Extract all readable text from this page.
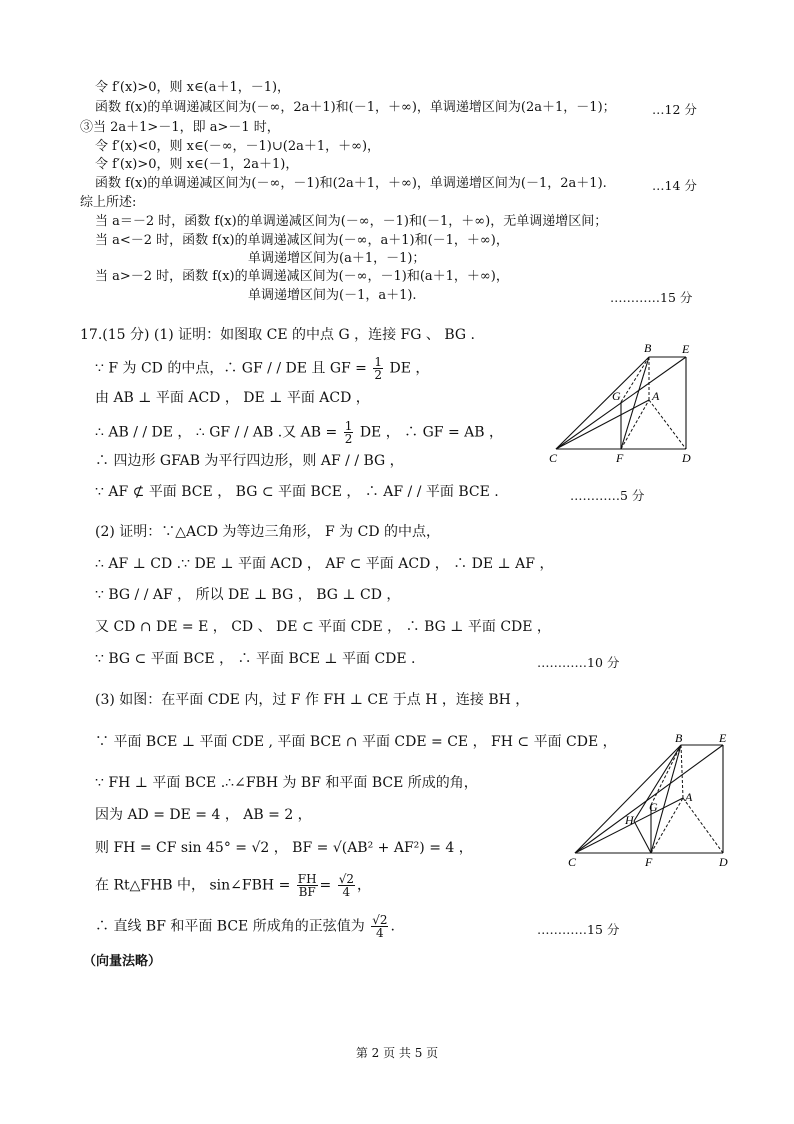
令 f′(x)>0，则 x∈(a＋1，－1)，
函数 f(x)的单调递减区间为(－∞，2a＋1)和(－1，＋∞)，单调递增区间为(2a＋1，－1)；	…12 分
③当 2a＋1>－1，即 a>－1 时，
令 f′(x)<0，则 x∈(－∞，－1)∪(2a＋1，＋∞)，
令 f′(x)>0，则 x∈(－1，2a＋1)，
函数 f(x)的单调递减区间为(－∞，－1)和(2a＋1，＋∞)，单调递增区间为(－1，2a＋1).	…14 分
综上所述:
当 a＝－2 时，函数 f(x)的单调递减区间为(－∞，－1)和(－1，＋∞)，无单调递增区间；
当 a<－2 时，函数 f(x)的单调递减区间为(－∞，a＋1)和(－1，＋∞)，
单调递增区间为(a＋1，－1)；
当 a>－2 时，函数 f(x)的单调递减区间为(－∞，－1)和(a＋1，＋∞)，
单调递增区间为(－1，a＋1).	…………15 分
17.(15 分) (1) 证明：如图取 CE 的中点 G ，连接 FG 、 BG .
∵ F 为 CD 的中点，∴ GF / / DE 且 GF = $\frac{1}{2}$ DE ，
由 AB ⊥ 平面 ACD ， DE ⊥ 平面 ACD ，
∴ AB / / DE ， ∴ GF / / AB .又 AB = $\frac{1}{2}$ DE ， ∴ GF = AB ，
∴ 四边形 GFAB 为平行四边形，则 AF / / BG ，
∵ AF ⊄ 平面 BCE ， BG ⊂ 平面 BCE ， ∴ AF / / 平面 BCE .	…………5 分
B	E
G	A
C	F	D
(2) 证明：∵△ACD 为等边三角形， F 为 CD 的中点，
∴ AF ⊥ CD .∵ DE ⊥ 平面 ACD ， AF ⊂ 平面 ACD ， ∴ DE ⊥ AF ，
∵ BG / / AF ， 所以 DE ⊥ BG ， BG ⊥ CD ，
又 CD ∩ DE = E ， CD 、 DE ⊂ 平面 CDE ， ∴ BG ⊥ 平面 CDE ，
∵ BG ⊂ 平面 BCE ， ∴ 平面 BCE ⊥ 平面 CDE .	…………10 分
(3) 如图：在平面 CDE 内，过 F 作 FH ⊥ CE 于点 H ，连接 BH ，
∵ 平面 BCE ⊥ 平面 CDE , 平面 BCE ∩ 平面 CDE = CE ， FH ⊂ 平面 CDE ，
∵ FH ⊥ 平面 BCE .∴∠FBH 为 BF 和平面 BCE 所成的角，
因为 AD = DE = 4 ， AB = 2 ，
则 FH = CF sin 45° = √2 ， BF = √(AB² + AF²) = 4 ，
在 Rt△FHB 中， sin∠FBH = $\frac{FH}{BF} = \frac{√2}{4}$ ，
∴ 直线 BF 和平面 BCE 所成角的正弦值为 $\frac{√2}{4}$ .	…………15 分
（向量法略）
B	E
G
A
H
C	F	D
第 2 页 共 5 页
